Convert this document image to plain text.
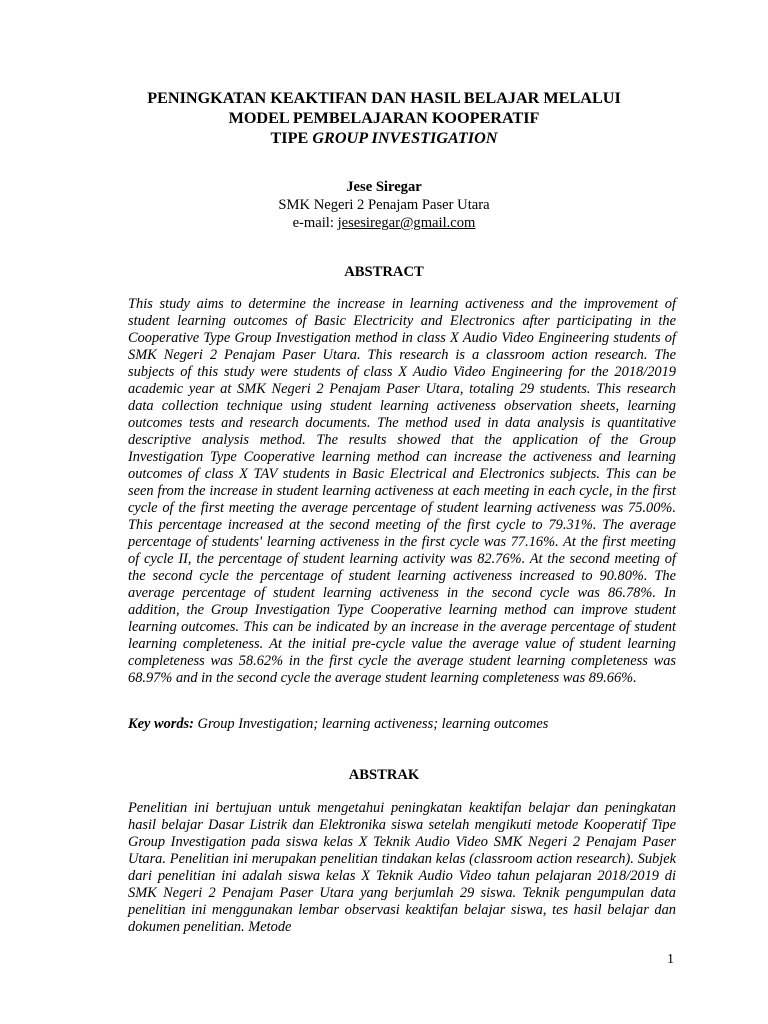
PENINGKATAN KEAKTIFAN DAN HASIL BELAJAR MELALUI
MODEL PEMBELAJARAN KOOPERATIF
TIPE GROUP INVESTIGATION
Jese Siregar
SMK Negeri 2 Penajam Paser Utara
e-mail: jesesiregar@gmail.com
ABSTRACT

This study aims to determine the increase in learning activeness and the improvement of student learning outcomes of Basic Electricity and Electronics after participating in the Cooperative Type Group Investigation method in class X Audio Video Engineering students of SMK Negeri 2 Penajam Paser Utara. This research is a classroom action research. The subjects of this study were students of class X Audio Video Engineering for the 2018/2019 academic year at SMK Negeri 2 Penajam Paser Utara, totaling 29 students. This research data collection technique using student learning activeness observation sheets, learning outcomes tests and research documents. The method used in data analysis is quantitative descriptive analysis method. The results showed that the application of the Group Investigation Type Cooperative learning method can increase the activeness and learning outcomes of class X TAV students in Basic Electrical and Electronics subjects. This can be seen from the increase in student learning activeness at each meeting in each cycle, in the first cycle of the first meeting the average percentage of student learning activeness was 75.00%. This percentage increased at the second meeting of the first cycle to 79.31%. The average percentage of students' learning activeness in the first cycle was 77.16%. At the first meeting of cycle II, the percentage of student learning activity was 82.76%. At the second meeting of the second cycle the percentage of student learning activeness increased to 90.80%. The average percentage of student learning activeness in the second cycle was 86.78%. In addition, the Group Investigation Type Cooperative learning method can improve student learning outcomes. This can be indicated by an increase in the average percentage of student learning completeness. At the initial pre-cycle value the average value of student learning completeness was 58.62% in the first cycle the average student learning completeness was 68.97% and in the second cycle the average student learning completeness was 89.66%.

Key words: Group Investigation; learning activeness; learning outcomes
ABSTRAK

Penelitian ini bertujuan untuk mengetahui peningkatan keaktifan belajar dan peningkatan hasil belajar Dasar Listrik dan Elektronika siswa setelah mengikuti metode Kooperatif Tipe Group Investigation pada siswa kelas X Teknik Audio Video SMK Negeri 2 Penajam Paser Utara. Penelitian ini merupakan penelitian tindakan kelas (classroom action research). Subjek dari penelitian ini adalah siswa kelas X Teknik Audio Video tahun pelajaran 2018/2019 di SMK Negeri 2 Penajam Paser Utara yang berjumlah 29 siswa. Teknik pengumpulan data penelitian ini menggunakan lembar observasi keaktifan belajar siswa, tes hasil belajar dan dokumen penelitian. Metode

1
